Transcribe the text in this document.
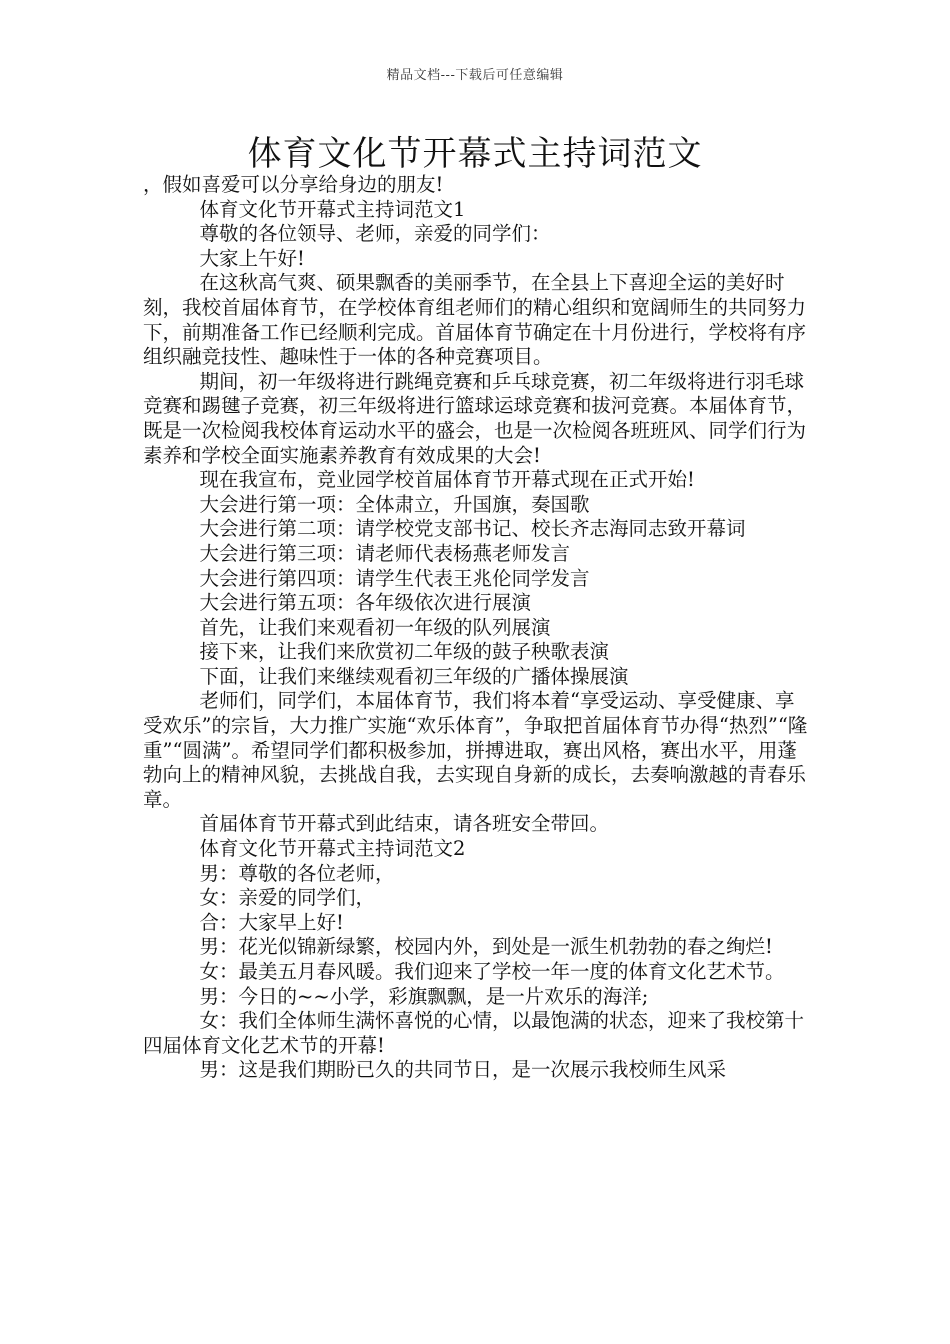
精品文档---下载后可任意编辑
体育文化节开幕式主持词范文

，假如喜爱可以分享给身边的朋友!

体育文化节开幕式主持词范文1

尊敬的各位领导、老师，亲爱的同学们：

大家上午好!

在这秋高气爽、硕果飘香的美丽季节，在全县上下喜迎全运的美好时刻，我校首届体育节，在学校体育组老师们的精心组织和宽阔师生的共同努力下，前期准备工作已经顺利完成。首届体育节确定在十月份进行，学校将有序组织融竞技性、趣味性于一体的各种竞赛项目。

期间，初一年级将进行跳绳竞赛和乒乓球竞赛，初二年级将进行羽毛球竞赛和踢毽子竞赛，初三年级将进行篮球运球竞赛和拔河竞赛。本届体育节，既是一次检阅我校体育运动水平的盛会，也是一次检阅各班班风、同学们行为素养和学校全面实施素养教育有效成果的大会!

现在我宣布，竞业园学校首届体育节开幕式现在正式开始!

大会进行第一项：全体肃立，升国旗，奏国歌

大会进行第二项：请学校党支部书记、校长齐志海同志致开幕词

大会进行第三项：请老师代表杨燕老师发言

大会进行第四项：请学生代表王兆伦同学发言

大会进行第五项：各年级依次进行展演

首先，让我们来观看初一年级的队列展演

接下来，让我们来欣赏初二年级的鼓子秧歌表演

下面，让我们来继续观看初三年级的广播体操展演

老师们，同学们，本届体育节，我们将本着“享受运动、享受健康、享受欢乐”的宗旨，大力推广实施“欢乐体育”，争取把首届体育节办得“热烈”“隆重”“圆满”。希望同学们都积极参加，拼搏进取，赛出风格，赛出水平，用蓬勃向上的精神风貌，去挑战自我，去实现自身新的成长，去奏响激越的青春乐章。

首届体育节开幕式到此结束，请各班安全带回。

体育文化节开幕式主持词范文2

男：尊敬的各位老师，

女：亲爱的同学们，

合：大家早上好!

男：花光似锦新绿繁，校园内外，到处是一派生机勃勃的春之绚烂!

女：最美五月春风暖。我们迎来了学校一年一度的体育文化艺术节。

男：今日的~~小学，彩旗飘飘，是一片欢乐的海洋;

女：我们全体师生满怀喜悦的心情，以最饱满的状态，迎来了我校第十四届体育文化艺术节的开幕!

男：这是我们期盼已久的共同节日，是一次展示我校师生风采
